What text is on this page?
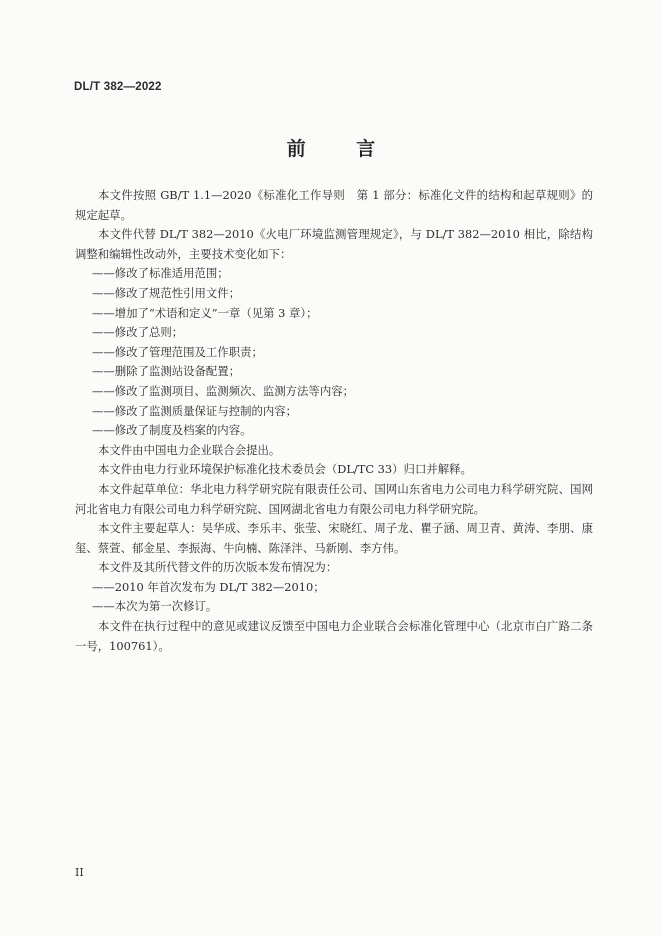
DL/T 382—2022
前 言

本文件按照 GB/T 1.1—2020《标准化工作导则　第 1 部分：标准化文件的结构和起草规则》的规定起草。

本文件代替 DL/T 382—2010《火电厂环境监测管理规定》，与 DL/T 382—2010 相比，除结构调整和编辑性改动外，主要技术变化如下：

——修改了标准适用范围；

——修改了规范性引用文件；

——增加了“术语和定义”一章（见第 3 章）；

——修改了总则；

——修改了管理范围及工作职责；

——删除了监测站设备配置；

——修改了监测项目、监测频次、监测方法等内容；

——修改了监测质量保证与控制的内容；

——修改了制度及档案的内容。

本文件由中国电力企业联合会提出。

本文件由电力行业环境保护标准化技术委员会（DL/TC 33）归口并解释。

本文件起草单位：华北电力科学研究院有限责任公司、国网山东省电力公司电力科学研究院、国网河北省电力有限公司电力科学研究院、国网湖北省电力有限公司电力科学研究院。

本文件主要起草人：吴华成、李乐丰、张莹、宋晓红、周子龙、瞿子涵、周卫青、黄涛、李朋、康玺、蔡萱、郁金星、李振海、牛向楠、陈泽泮、马新刚、李方伟。

本文件及其所代替文件的历次版本发布情况为：

——2010 年首次发布为 DL/T 382—2010；

——本次为第一次修订。

本文件在执行过程中的意见或建议反馈至中国电力企业联合会标准化管理中心（北京市白广路二条一号，100761）。

II
